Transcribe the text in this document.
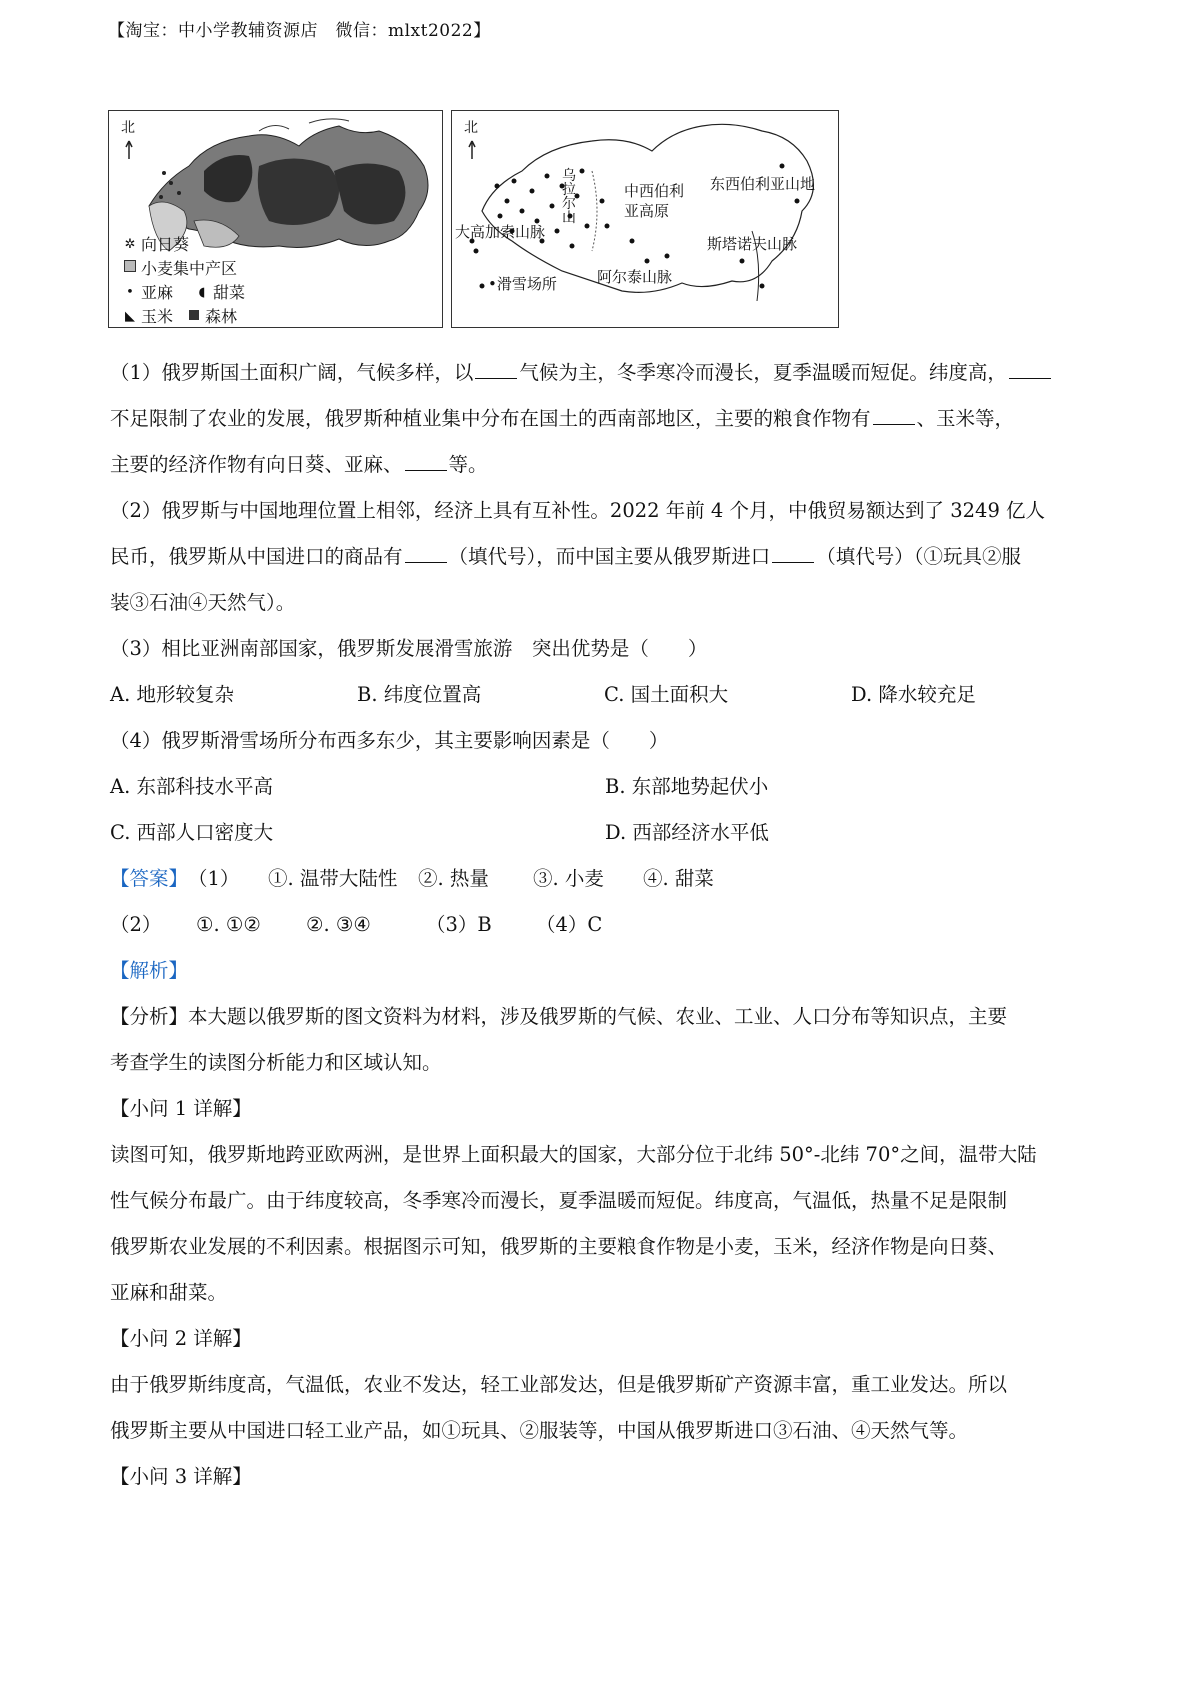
【淘宝：中小学教辅资源店　微信：mlxt2022】
北
✲ 向日葵
小麦集中产区
• 亚麻 ◖ 甜菜
◣ 玉米 森林
北
乌拉尔山
中西伯利亚高原
东西伯利亚山地
大高加索山脉
斯塔诺夫山脉
阿尔泰山脉
•滑雪场所

（1）俄罗斯国土面积广阔，气候多样，以 气候为主，冬季寒冷而漫长，夏季温暖而短促。纬度高，

不足限制了农业的发展，俄罗斯种植业集中分布在国土的西南部地区，主要的粮食作物有 、玉米等，

主要的经济作物有向日葵、亚麻、 等。

（2）俄罗斯与中国地理位置上相邻，经济上具有互补性。2022 年前 4 个月，中俄贸易额达到了 3249 亿人

民币，俄罗斯从中国进口的商品有 （填代号），而中国主要从俄罗斯进口 （填代号）（①玩具②服

装③石油④天然气）。

（3）相比亚洲南部国家，俄罗斯发展滑雪旅游　突出优势是（　　）

A. 地形较复杂	B. 纬度位置高	C. 国土面积大	D. 降水较充足

（4）俄罗斯滑雪场所分布西多东少，其主要影响因素是（　　）

A. 东部科技水平高	B. 东部地势起伏小
C. 西部人口密度大	D. 西部经济水平低
【答案】 （1）	①. 温带大陆性	②. 热量	③. 小麦	④. 甜菜
（2）	①. ①②	②. ③④	（3）B	（4）C

【解析】

【分析】本大题以俄罗斯的图文资料为材料，涉及俄罗斯的气候、农业、工业、人口分布等知识点，主要

考查学生的读图分析能力和区域认知。

【小问 1 详解】

读图可知，俄罗斯地跨亚欧两洲，是世界上面积最大的国家，大部分位于北纬 50°-北纬 70°之间，温带大陆

性气候分布最广。由于纬度较高，冬季寒冷而漫长，夏季温暖而短促。纬度高，气温低，热量不足是限制

俄罗斯农业发展的不利因素。根据图示可知，俄罗斯的主要粮食作物是小麦，玉米，经济作物是向日葵、

亚麻和甜菜。

【小问 2 详解】

由于俄罗斯纬度高，气温低，农业不发达，轻工业部发达，但是俄罗斯矿产资源丰富，重工业发达。所以

俄罗斯主要从中国进口轻工业产品，如①玩具、②服装等，中国从俄罗斯进口③石油、④天然气等。

【小问 3 详解】
